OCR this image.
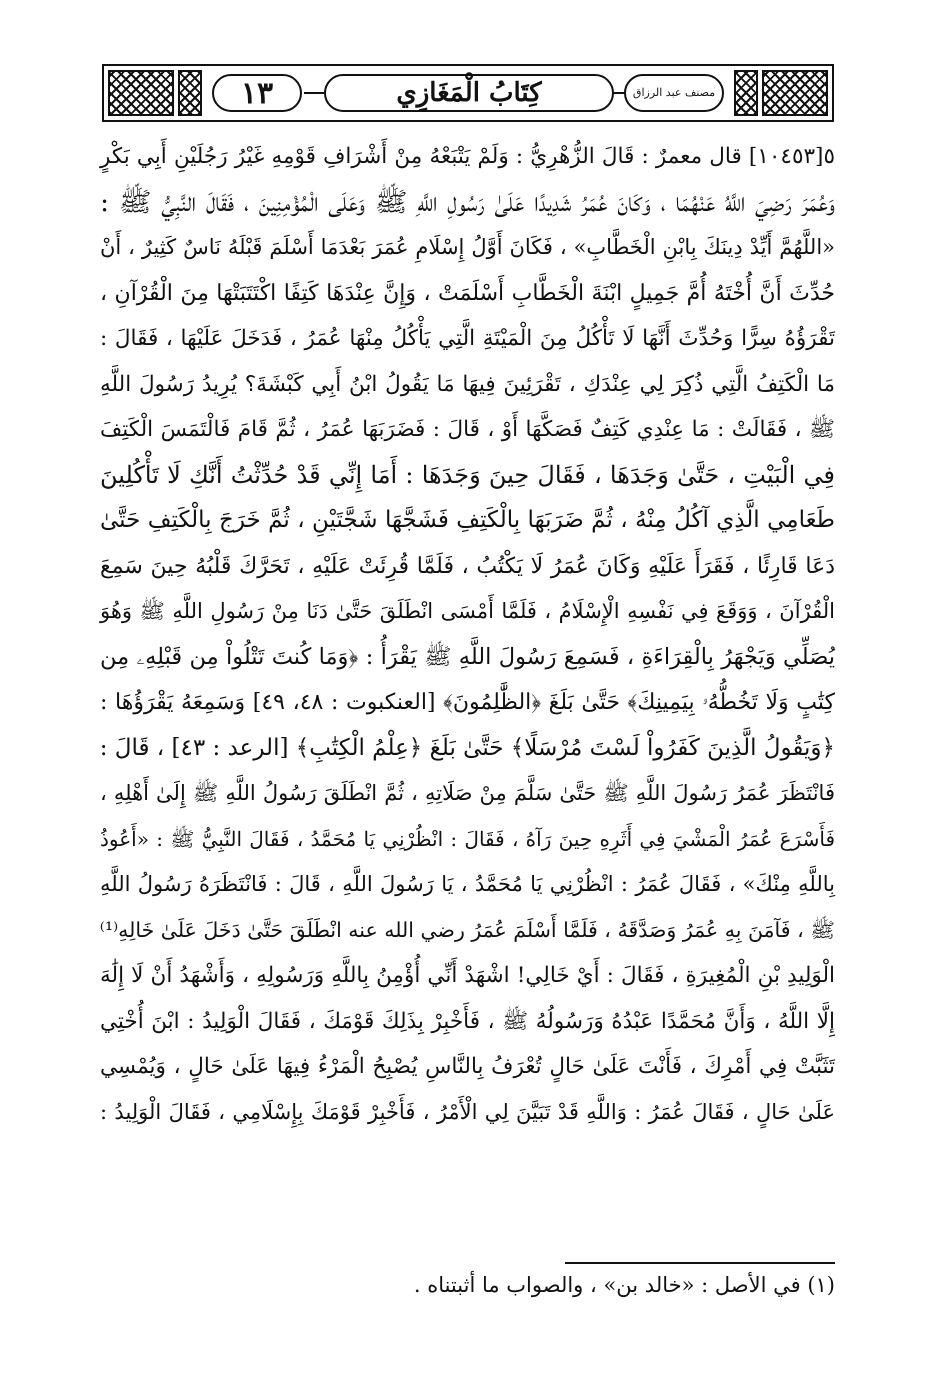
١٣	كِتَابُ الْمَغَازِي	مصنف عبد الرزاق
٥[١٠٤٥٣] قال معمرٌ : قَالَ الزُّهْرِيُّ : وَلَمْ يَتْبَعْهُ مِنْ أَشْرَافِ قَوْمِهِ غَيْرُ رَجُلَيْنِ أَبِي بَكْرٍ
وَعُمَرَ رَضِيَ اللَّهُ عَنْهُمَا ، وَكَانَ عُمَرُ شَدِيدًا عَلَىٰ رَسُولِ اللَّهِ ﷺ وَعَلَى الْمُؤْمِنِينَ ، فَقَالَ النَّبِيُّ ﷺ :
«اللَّهُمَّ أَيِّدْ دِينَكَ بِابْنِ الْخَطَّابِ» ، فَكَانَ أَوَّلُ إِسْلَامِ عُمَرَ بَعْدَمَا أَسْلَمَ قَبْلَهُ نَاسٌ كَثِيرٌ ، أَنْ
حُدِّثَ أَنَّ أُخْتَهُ أُمَّ جَمِيلٍ ابْنَةَ الْخَطَّابِ أَسْلَمَتْ ، وَإِنَّ عِنْدَهَا كَتِفًا اكْتَتَبَتْهَا مِنَ الْقُرْآنِ ،
تَقْرَؤُهُ سِرًّا وَحُدِّثَ أَنَّهَا لَا تَأْكُلُ مِنَ الْمَيْتَةِ الَّتِي يَأْكُلُ مِنْهَا عُمَرُ ، فَدَخَلَ عَلَيْهَا ، فَقَالَ :
مَا الْكَتِفُ الَّتِي ذُكِرَ لِي عِنْدَكِ ، تَقْرَئِينَ فِيهَا مَا يَقُولُ ابْنُ أَبِي كَبْشَةَ؟ يُرِيدُ رَسُولَ اللَّهِ
ﷺ ، فَقَالَتْ : مَا عِنْدِي كَتِفٌ فَصَكَّهَا أَوْ ، قَالَ : فَضَرَبَهَا عُمَرُ ، ثُمَّ قَامَ فَالْتَمَسَ الْكَتِفَ
فِي الْبَيْتِ ، حَتَّىٰ وَجَدَهَا ، فَقَالَ حِينَ وَجَدَهَا : أَمَا إِنِّي قَدْ حُدِّثْتُ أَنَّكِ لَا تَأْكُلِينَ
طَعَامِي الَّذِي آكُلُ مِنْهُ ، ثُمَّ ضَرَبَهَا بِالْكَتِفِ فَشَجَّهَا شَجَّتَيْنِ ، ثُمَّ خَرَجَ بِالْكَتِفِ حَتَّىٰ
دَعَا قَارِئًا ، فَقَرَأَ عَلَيْهِ وَكَانَ عُمَرُ لَا يَكْتُبُ ، فَلَمَّا قُرِئَتْ عَلَيْهِ ، تَحَرَّكَ قَلْبُهُ حِينَ سَمِعَ
الْقُرْآنَ ، وَوَقَعَ فِي نَفْسِهِ الْإِسْلَامُ ، فَلَمَّا أَمْسَى انْطَلَقَ حَتَّىٰ دَنَا مِنْ رَسُولِ اللَّهِ ﷺ وَهُوَ
يُصَلِّي وَيَجْهَرُ بِالْقِرَاءَةِ ، فَسَمِعَ رَسُولَ اللَّهِ ﷺ يَقْرَأُ : ﴿وَمَا كُنتَ تَتْلُواْ مِن قَبْلِهِۦ مِن
كِتَٰبٍ وَلَا تَخُطُّهُۥ بِيَمِينِكَ﴾ حَتَّىٰ بَلَغَ ﴿الظَّٰلِمُونَ﴾ [العنكبوت : ٤٨، ٤٩] وَسَمِعَهُ يَقْرَؤُهَا :
﴿وَيَقُولُ الَّذِينَ كَفَرُواْ لَسْتَ مُرْسَلًا﴾ حَتَّىٰ بَلَغَ ﴿عِلْمُ الْكِتَٰبِ﴾ [الرعد : ٤٣] ، قَالَ :
فَانْتَظَرَ عُمَرُ رَسُولَ اللَّهِ ﷺ حَتَّىٰ سَلَّمَ مِنْ صَلَاتِهِ ، ثُمَّ انْطَلَقَ رَسُولُ اللَّهِ ﷺ إِلَىٰ أَهْلِهِ ،
فَأَسْرَعَ عُمَرُ الْمَشْيَ فِي أَثَرِهِ حِينَ رَآهُ ، فَقَالَ : انْظُرْنِي يَا مُحَمَّدُ ، فَقَالَ النَّبِيُّ ﷺ : «أَعُوذُ
بِاللَّهِ مِنْكَ» ، فَقَالَ عُمَرُ : انْظُرْنِي يَا مُحَمَّدُ ، يَا رَسُولَ اللَّهِ ، قَالَ : فَانْتَظَرَهُ رَسُولُ اللَّهِ
ﷺ ، فَآمَنَ بِهِ عُمَرُ وَصَدَّقَهُ ، فَلَمَّا أَسْلَمَ عُمَرُ رضي الله عنه انْطَلَقَ حَتَّىٰ دَخَلَ عَلَىٰ خَالِهِ⁽¹⁾
الْوَلِيدِ بْنِ الْمُغِيرَةِ ، فَقَالَ : أَيْ خَالِي! اشْهَدْ أَنِّي أُؤْمِنُ بِاللَّهِ وَرَسُولِهِ ، وَأَشْهَدُ أَنْ لَا إِلَٰهَ
إِلَّا اللَّهُ ، وَأَنَّ مُحَمَّدًا عَبْدُهُ وَرَسُولُهُ ﷺ ، فَأَخْبِرْ بِذَلِكَ قَوْمَكَ ، فَقَالَ الْوَلِيدُ : ابْنَ أُخْتِي
تَثَبَّتْ فِي أَمْرِكَ ، فَأَنْتَ عَلَىٰ حَالٍ تُعْرَفُ بِالنَّاسِ يُصْبِحُ الْمَرْءُ فِيهَا عَلَىٰ حَالٍ ، وَيُمْسِي
عَلَىٰ حَالٍ ، فَقَالَ عُمَرُ : وَاللَّهِ قَدْ تَبَيَّنَ لِي الْأَمْرُ ، فَأَخْبِرْ قَوْمَكَ بِإِسْلَامِي ، فَقَالَ الْوَلِيدُ :
(١) في الأصل : «خالد بن» ، والصواب ما أثبتناه .
